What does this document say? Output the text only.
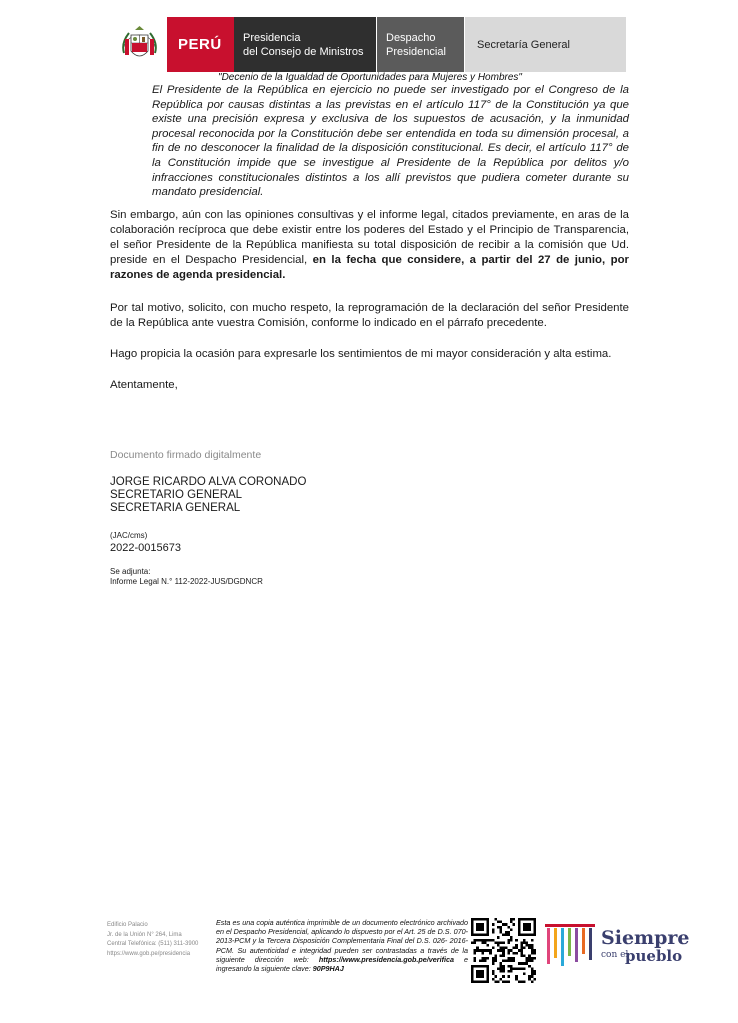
PERÚ	Presidencia
del Consejo de Ministros
Despacho
Presidencial
Secretaría General
"Decenio de la Igualdad de Oportunidades para Mujeres y Hombres"
El Presidente de la República en ejercicio no puede ser investigado por el Congreso de la República por causas distintas a las previstas en el artículo 117° de la Constitución ya que existe una precisión expresa y exclusiva de los supuestos de acusación, y la inmunidad procesal reconocida por la Constitución debe ser entendida en toda su dimensión procesal, a fin de no desconocer la finalidad de la disposición constitucional. Es decir, el artículo 117° de la Constitución impide que se investigue al Presidente de la República por delitos y/o infracciones constitucionales distintos a los allí previstos que pudiera cometer durante su mandato presidencial.
Sin embargo, aún con las opiniones consultivas y el informe legal, citados previamente, en aras de la colaboración recíproca que debe existir entre los poderes del Estado y el Principio de Transparencia, el señor Presidente de la República manifiesta su total disposición de recibir a la comisión que Ud. preside en el Despacho Presidencial, en la fecha que considere, a partir del 27 de junio, por razones de agenda presidencial.
Por tal motivo, solicito, con mucho respeto, la reprogramación de la declaración del señor Presidente de la República ante vuestra Comisión, conforme lo indicado en el párrafo precedente.
Hago propicia la ocasión para expresarle los sentimientos de mi mayor consideración y alta estima.
Atentamente,
Documento firmado digitalmente
JORGE RICARDO ALVA CORONADO
SECRETARIO GENERAL
SECRETARIA GENERAL
(JAC/cms)
2022-0015673
Se adjunta:
Informe Legal N.° 112-2022-JUS/DGDNCR
Edificio Palacio
Jr. de la Unión N° 264, Lima
Central Telefónica: (511) 311-3900
https://www.gob.pe/presidencia
Esta es una copia auténtica imprimible de un documento electrónico archivado en el Despacho Presidencial, aplicando lo dispuesto por el Art. 25 de D.S. 070-2013-PCM y la Tercera Disposición Complementaria Final del D.S. 026- 2016-PCM. Su autenticidad e integridad pueden ser contrastadas a través de la siguiente dirección web: https://www.presidencia.gob.pe/verifica e ingresando la siguiente clave: 90P9HAJ
Siempre
con el
pueblo
